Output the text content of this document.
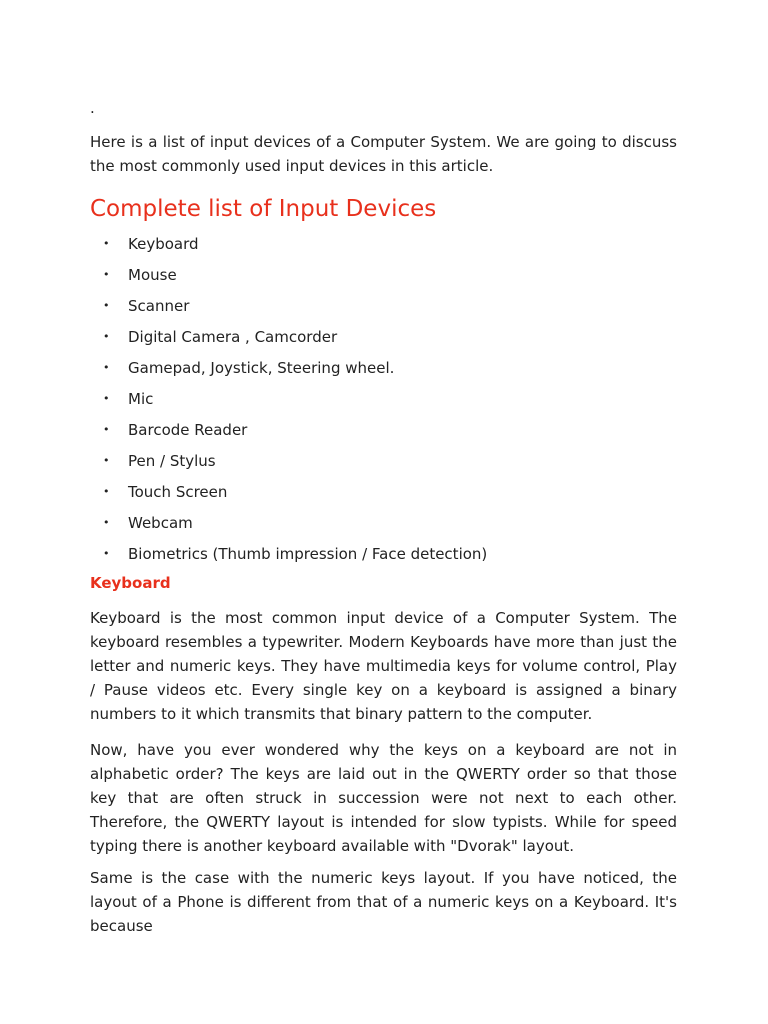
.

Here is a list of input devices of a Computer System. We are going to discuss the most commonly used input devices in this article.

Complete list of Input Devices
• Keyboard
• Mouse
• Scanner
• Digital Camera , Camcorder
• Gamepad, Joystick, Steering wheel.
• Mic
• Barcode Reader
• Pen / Stylus
• Touch Screen
• Webcam
• Biometrics (Thumb impression / Face detection)
Keyboard

Keyboard is the most common input device of a Computer System. The keyboard resembles a typewriter. Modern Keyboards have more than just the letter and numeric keys. They have multimedia keys for volume control, Play / Pause videos etc. Every single key on a keyboard is assigned a binary numbers to it which transmits that binary pattern to the computer.

Now, have you ever wondered why the keys on a keyboard are not in alphabetic order? The keys are laid out in the QWERTY order so that those key that are often struck in succession were not next to each other. Therefore, the QWERTY layout is intended for slow typists. While for speed typing there is another keyboard available with "Dvorak" layout.

Same is the case with the numeric keys layout. If you have noticed, the layout of a Phone is different from that of a numeric keys on a Keyboard. It's because
